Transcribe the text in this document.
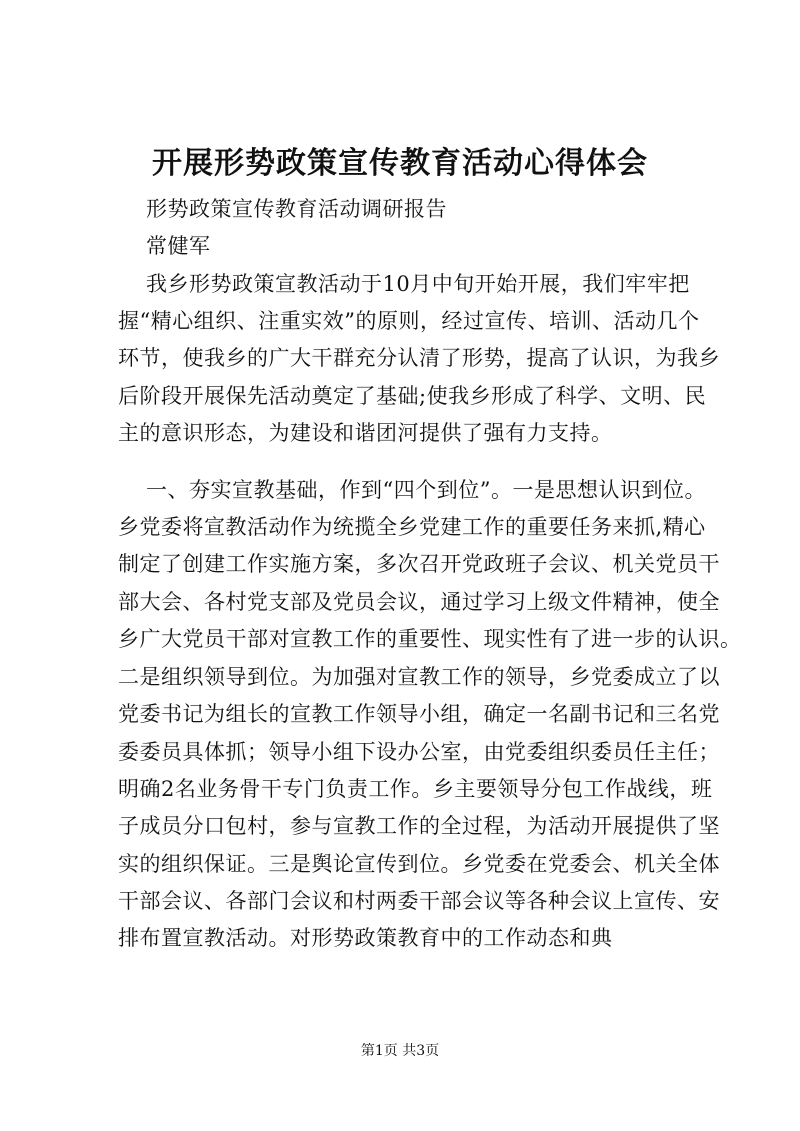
开展形势政策宣传教育活动心得体会
形势政策宣传教育活动调研报告
常健军
我乡形势政策宣教活动于10月中旬开始开展，我们牢牢把
握“精心组织、注重实效”的原则，经过宣传、培训、活动几个
环节，使我乡的广大干群充分认清了形势，提高了认识，为我乡
后阶段开展保先活动奠定了基础;使我乡形成了科学、文明、民
主的意识形态，为建设和谐团河提供了强有力支持。
一、夯实宣教基础，作到“四个到位”。一是思想认识到位。
乡党委将宣教活动作为统揽全乡党建工作的重要任务来抓,精心
制定了创建工作实施方案，多次召开党政班子会议、机关党员干
部大会、各村党支部及党员会议，通过学习上级文件精神，使全
乡广大党员干部对宣教工作的重要性、现实性有了进一步的认识。
二是组织领导到位。为加强对宣教工作的领导，乡党委成立了以
党委书记为组长的宣教工作领导小组，确定一名副书记和三名党
委委员具体抓；领导小组下设办公室，由党委组织委员任主任；
明确2名业务骨干专门负责工作。乡主要领导分包工作战线，班
子成员分口包村，参与宣教工作的全过程，为活动开展提供了坚
实的组织保证。三是舆论宣传到位。乡党委在党委会、机关全体
干部会议、各部门会议和村两委干部会议等各种会议上宣传、安
排布置宣教活动。对形势政策教育中的工作动态和典
第1页 共3页
